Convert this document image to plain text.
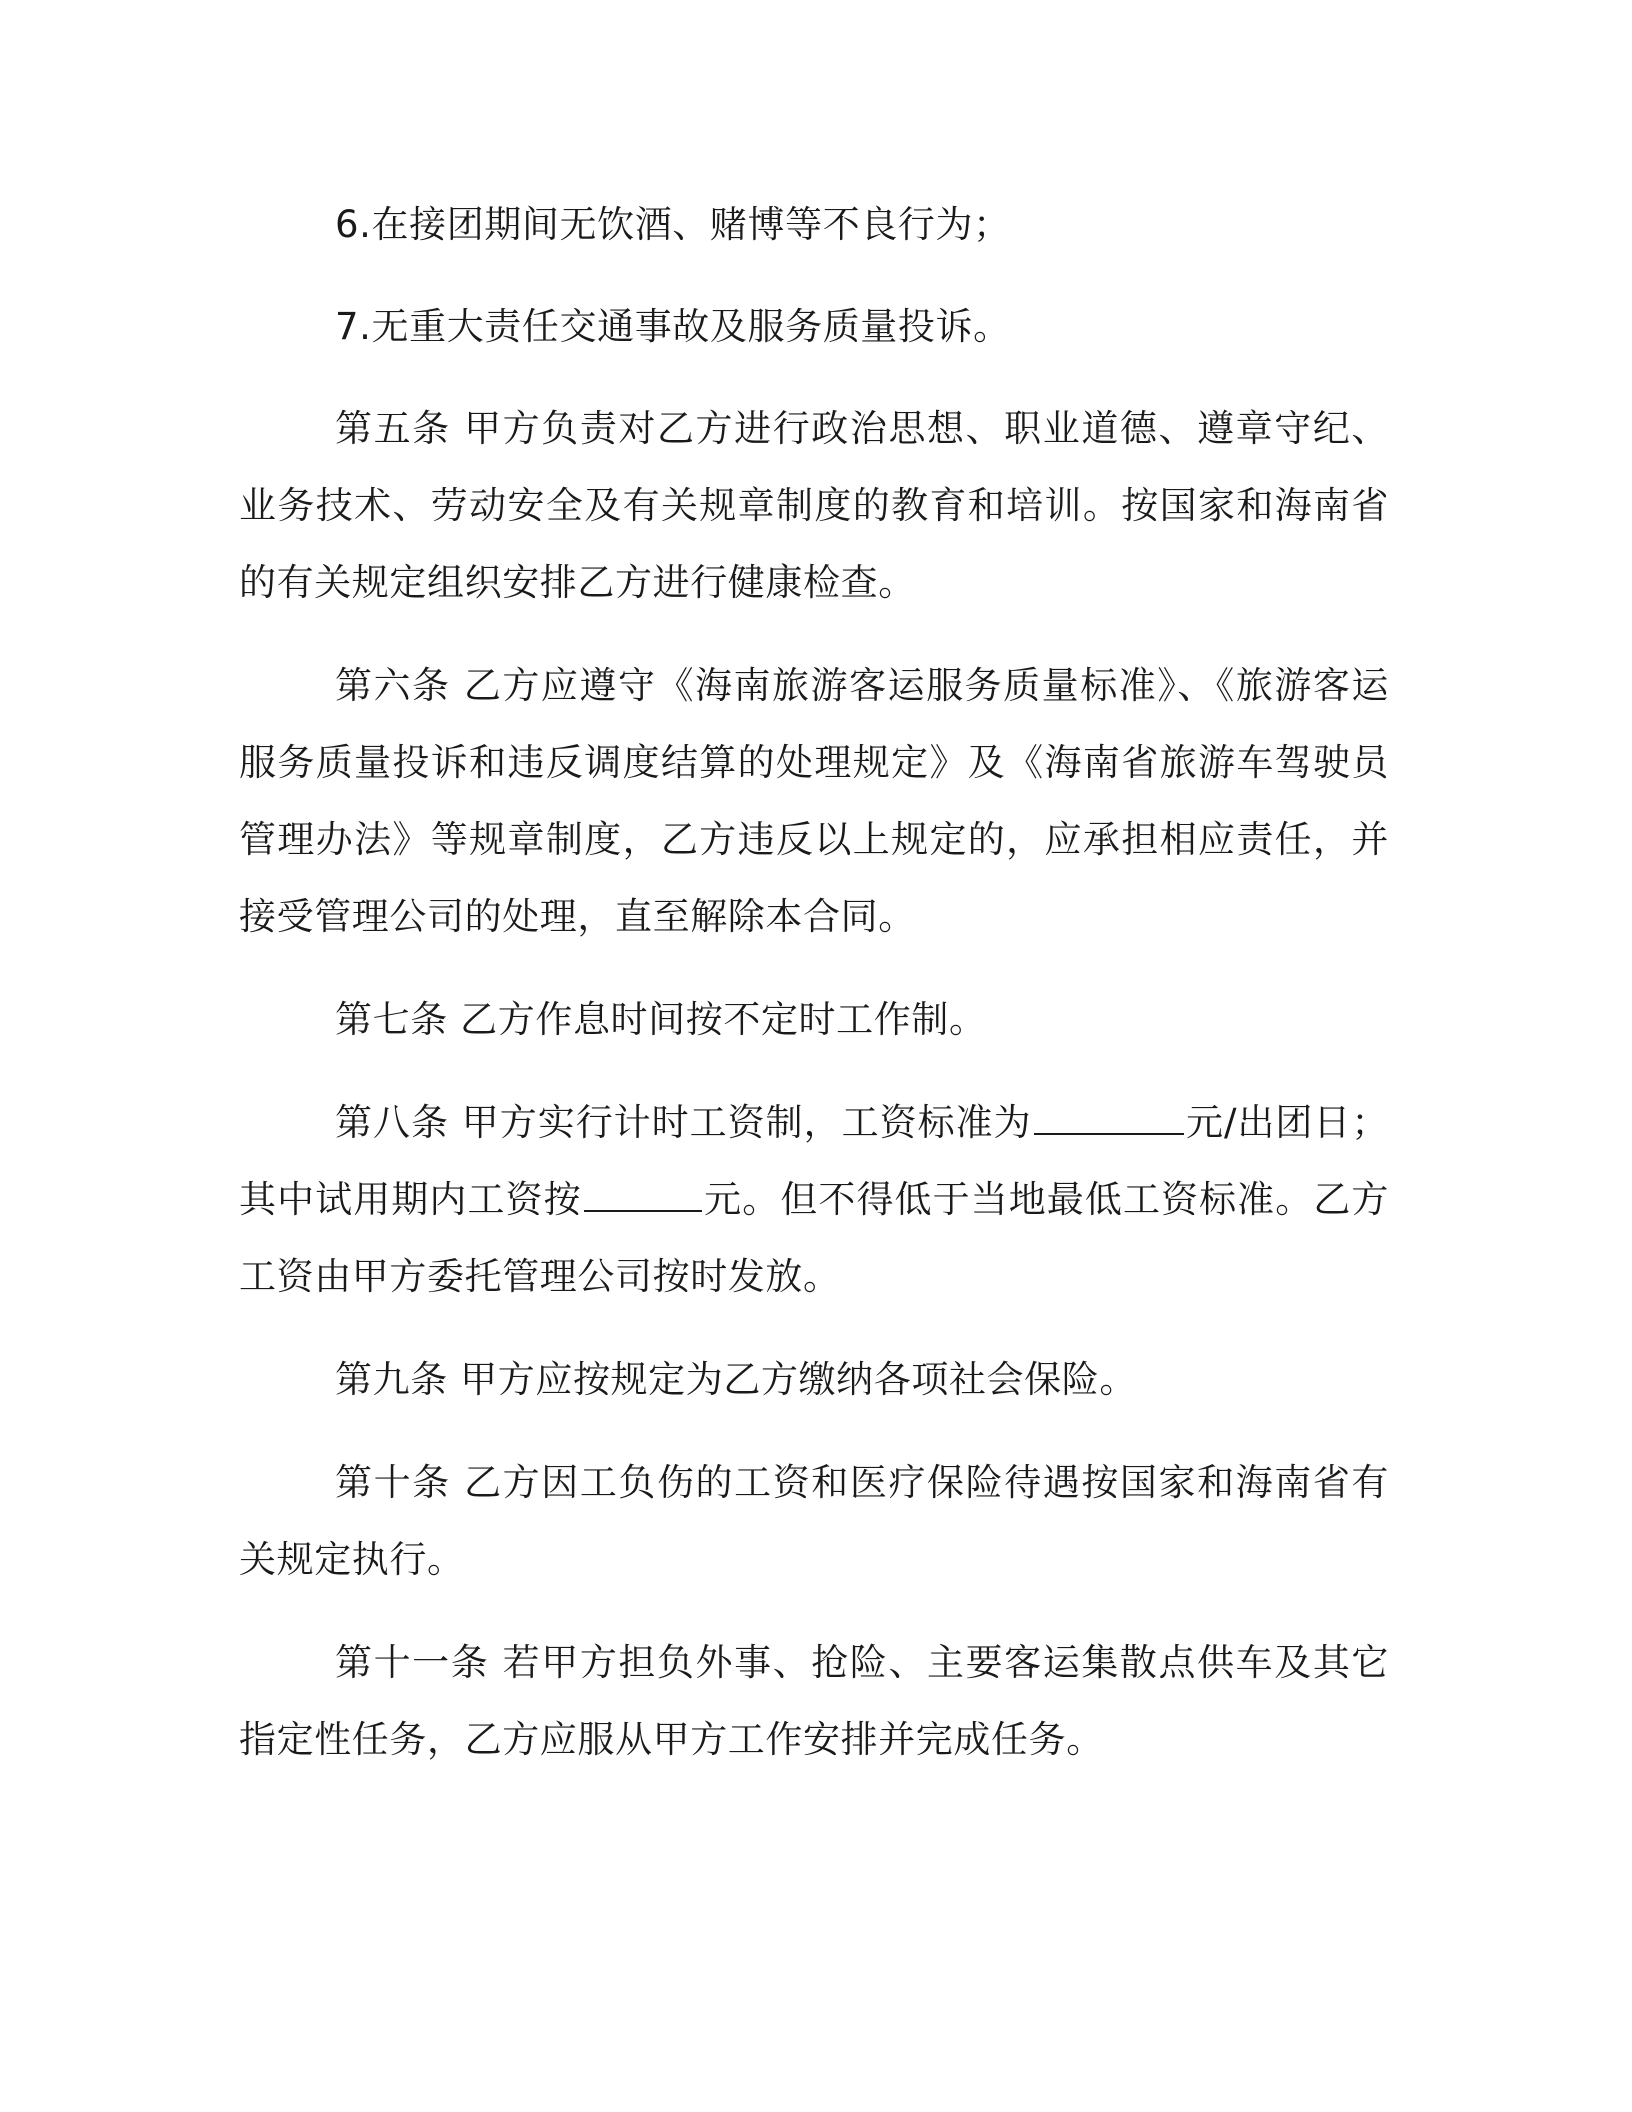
6.在接团期间无饮酒、赌博等不良行为；

7.无重大责任交通事故及服务质量投诉。

第五条 甲方负责对乙方进行政治思想、职业道德、遵章守纪、业务技术、劳动安全及有关规章制度的教育和培训。按国家和海南省的有关规定组织安排乙方进行健康检查。

第六条 乙方应遵守《海南旅游客运服务质量标准》、《旅游客运服务质量投诉和违反调度结算的处理规定》及《海南省旅游车驾驶员管理办法》等规章制度，乙方违反以上规定的，应承担相应责任，并接受管理公司的处理，直至解除本合同。

第七条 乙方作息时间按不定时工作制。

第八条 甲方实行计时工资制，工资标准为	元/出团日；其中试用期内工资按	元。但不得低于当地最低工资标准。乙方工资由甲方委托管理公司按时发放。

第九条 甲方应按规定为乙方缴纳各项社会保险。

第十条 乙方因工负伤的工资和医疗保险待遇按国家和海南省有关规定执行。

第十一条 若甲方担负外事、抢险、主要客运集散点供车及其它指定性任务，乙方应服从甲方工作安排并完成任务。
